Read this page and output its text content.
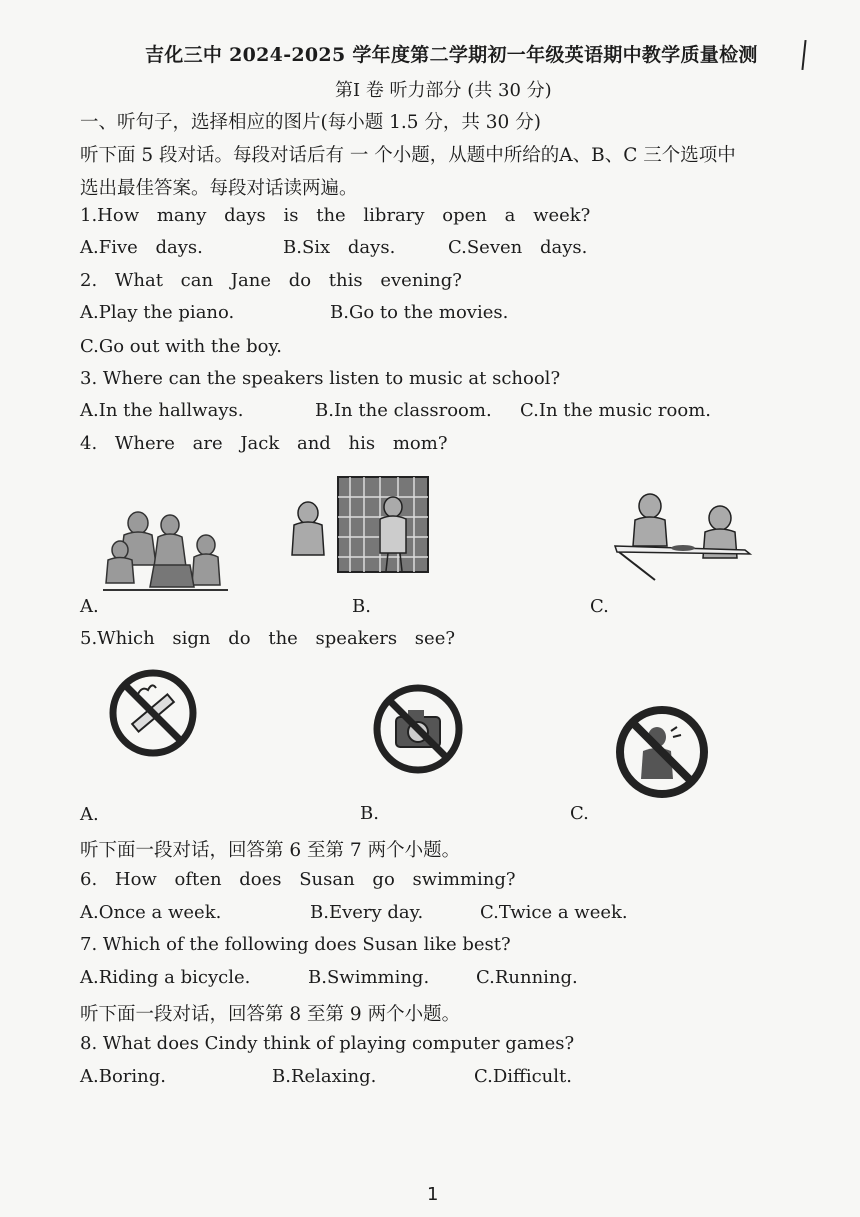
吉化三中 2024-2025 学年度第二学期初一年级英语期中教学质量检测
第I 卷 听力部分 (共 30 分)
一、听句子，选择相应的图片(每小题 1.5 分，共 30 分)
听下面 5 段对话。每段对话后有 一 个小题，从题中所给的A、B、C 三个选项中
选出最佳答案。每段对话读两遍。
1.How many days is the library open a week?
A.Five days.	B.Six days.	C.Seven days.
2. What can Jane do this evening?
A.Play the piano.	B.Go to the movies.
C.Go out with the boy.
3. Where can the speakers listen to music at school?
A.In the hallways.	B.In the classroom. C.In the music room.
4. Where are Jack and his mom?
A.	B.	C.
5.Which sign do the speakers see?
A.	B.	C.
听下面一段对话，回答第 6 至第 7 两个小题。
6. How often does Susan go swimming?
A.Once a week.	B.Every day.	C.Twice a week.
7. Which of the following does Susan like best?
A.Riding a bicycle.	B.Swimming.	C.Running.
听下面一段对话，回答第 8 至第 9 两个小题。
8. What does Cindy think of playing computer games?
A.Boring.	B.Relaxing.	C.Difficult.
1
